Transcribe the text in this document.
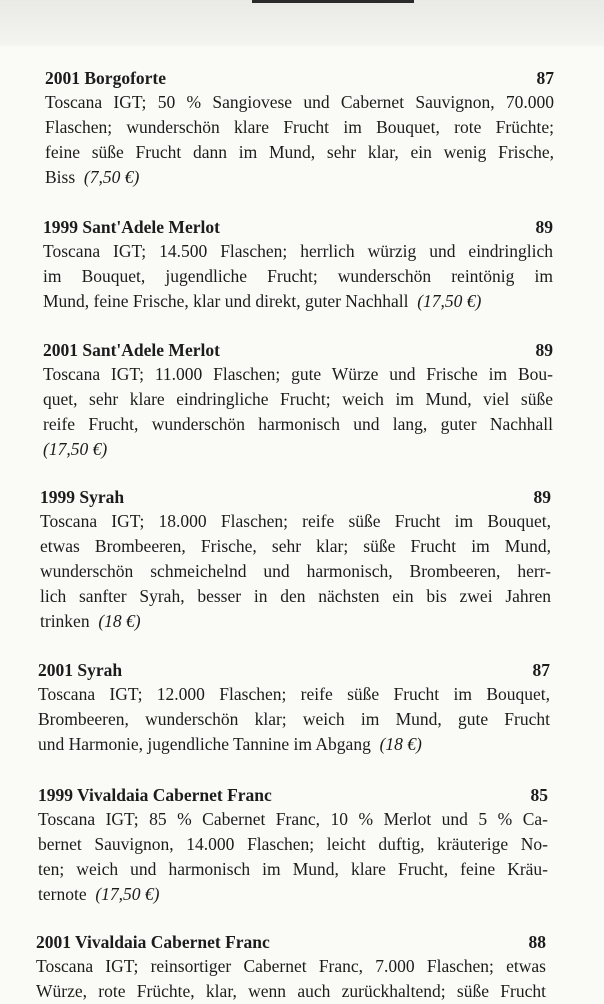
2001 Borgoforte	87
Toscana IGT; 50 % Sangiovese und Cabernet Sauvignon, 70.000
Flaschen; wunderschön klare Frucht im Bouquet, rote Früchte;
feine süße Frucht dann im Mund, sehr klar, ein wenig Frische,
Biss (7,50 €)
1999 Sant'Adele Merlot	89
Toscana IGT; 14.500 Flaschen; herrlich würzig und eindringlich
im Bouquet, jugendliche Frucht; wunderschön reintönig im
Mund, feine Frische, klar und direkt, guter Nachhall (17,50 €)
2001 Sant'Adele Merlot	89
Toscana IGT; 11.000 Flaschen; gute Würze und Frische im Bou-
quet, sehr klare eindringliche Frucht; weich im Mund, viel süße
reife Frucht, wunderschön harmonisch und lang, guter Nachhall
(17,50 €)
1999 Syrah	89
Toscana IGT; 18.000 Flaschen; reife süße Frucht im Bouquet,
etwas Brombeeren, Frische, sehr klar; süße Frucht im Mund,
wunderschön schmeichelnd und harmonisch, Brombeeren, herr-
lich sanfter Syrah, besser in den nächsten ein bis zwei Jahren
trinken (18 €)
2001 Syrah	87
Toscana IGT; 12.000 Flaschen; reife süße Frucht im Bouquet,
Brombeeren, wunderschön klar; weich im Mund, gute Frucht
und Harmonie, jugendliche Tannine im Abgang (18 €)
1999 Vivaldaia Cabernet Franc	85
Toscana IGT; 85 % Cabernet Franc, 10 % Merlot und 5 % Ca-
bernet Sauvignon, 14.000 Flaschen; leicht duftig, kräuterige No-
ten; weich und harmonisch im Mund, klare Frucht, feine Kräu-
ternote (17,50 €)
2001 Vivaldaia Cabernet Franc	88
Toscana IGT; reinsortiger Cabernet Franc, 7.000 Flaschen; etwas
Würze, rote Früchte, klar, wenn auch zurückhaltend; süße Frucht
